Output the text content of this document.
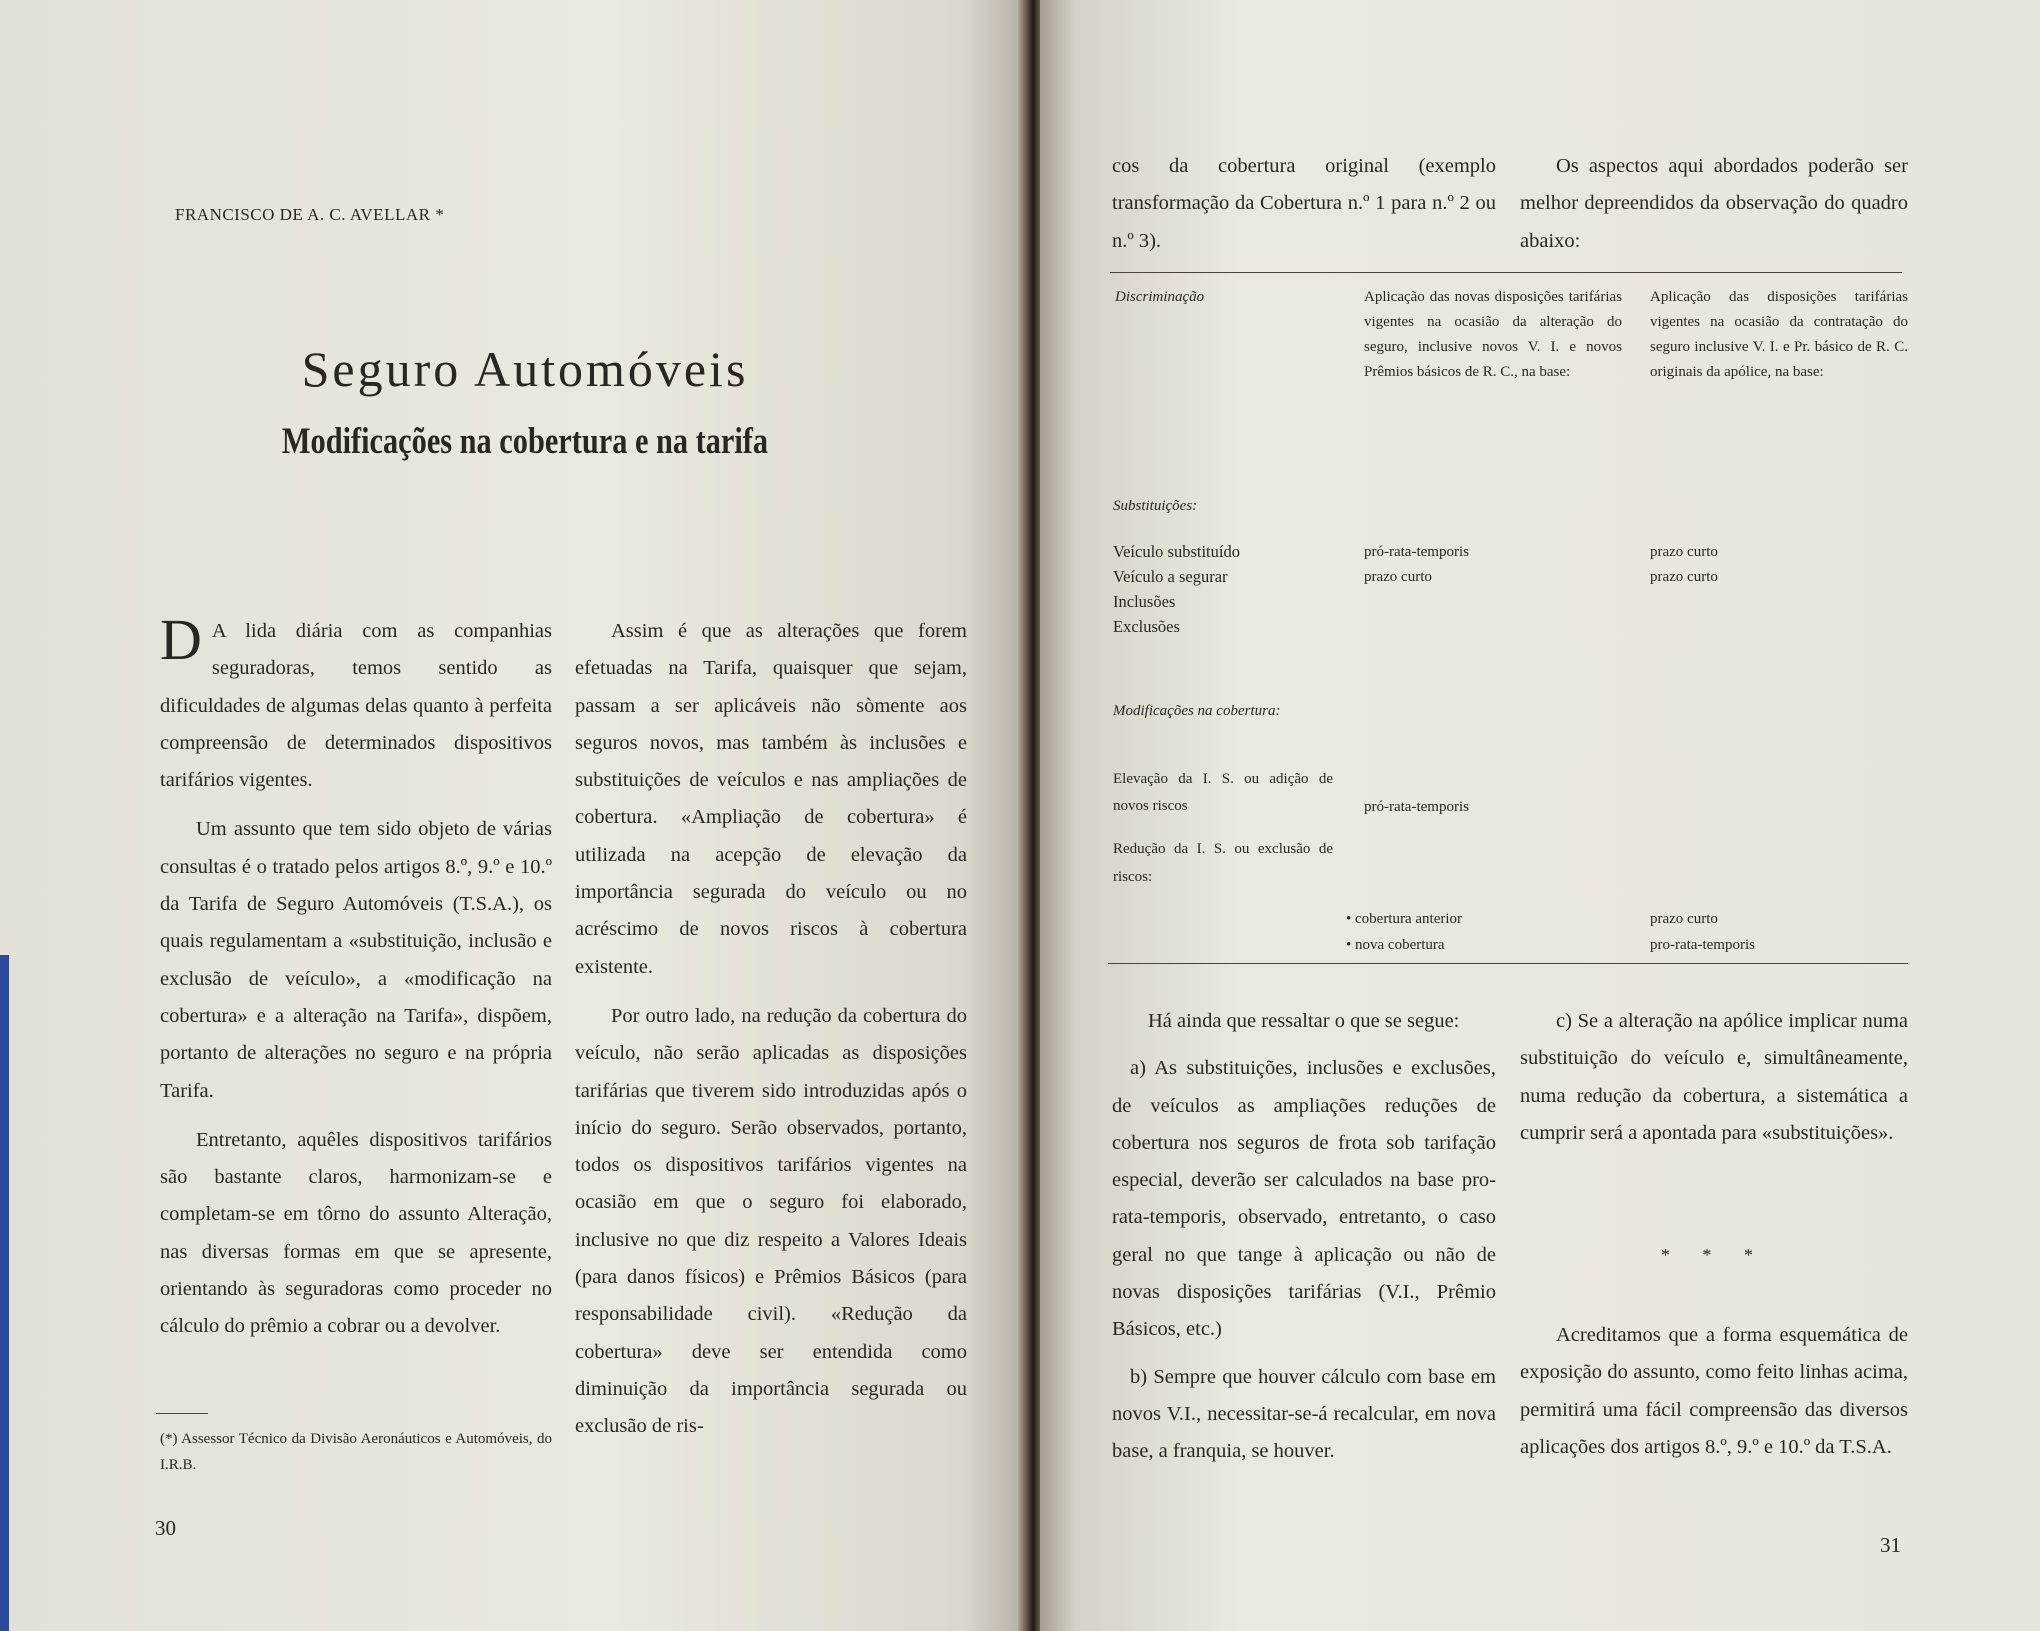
FRANCISCO DE A. C. AVELLAR *
Seguro Automóveis
Modificações na cobertura e na tarifa

D A lida diária com as companhias seguradoras, temos sentido as dificuldades de algumas delas quanto à perfeita compreensão de determinados dispositivos tarifários vigentes.

Um assunto que tem sido objeto de várias consultas é o tratado pelos artigos 8.º, 9.º e 10.º da Tarifa de Seguro Automóveis (T.S.A.), os quais regulamentam a «substituição, inclusão e exclusão de veículo», a «modificação na cobertura» e a alteração na Tarifa», dispõem, portanto de alterações no seguro e na própria Tarifa.

Entretanto, aquêles dispositivos tarifários são bastante claros, harmonizam-se e completam-se em tôrno do assunto Alteração, nas diversas formas em que se apresente, orientando às seguradoras como proceder no cálculo do prêmio a cobrar ou a devolver.

(*) Assessor Técnico da Divisão Aeronáuticos e Automóveis, do I.R.B.

Assim é que as alterações que forem efetuadas na Tarifa, quaisquer que sejam, passam a ser aplicáveis não sòmente aos seguros novos, mas também às inclusões e substituições de veículos e nas ampliações de cobertura. «Ampliação de cobertura» é utilizada na acepção de elevação da importância segurada do veículo ou no acréscimo de novos riscos à cobertura existente.

Por outro lado, na redução da cobertura do veículo, não serão aplicadas as disposições tarifárias que tiverem sido introduzidas após o início do seguro. Serão observados, portanto, todos os dispositivos tarifários vigentes na ocasião em que o seguro foi elaborado, inclusive no que diz respeito a Valores Ideais (para danos físicos) e Prêmios Básicos (para responsabilidade civil). «Redução da cobertura» deve ser entendida como diminuição da importância segurada ou exclusão de ris-

30

cos da cobertura original (exemplo transformação da Cobertura n.º 1 para n.º 2 ou n.º 3).

Os aspectos aqui abordados poderão ser melhor depreendidos da observação do quadro abaixo:

Discriminação	Aplicação das novas disposições tarifárias vigentes na ocasião da alteração do seguro, inclusive novos V. I. e novos Prêmios básicos de R. C., na base:
Aplicação das disposições tarifárias vigentes na ocasião da contratação do seguro inclusive V. I. e Pr. básico de R. C. originais da apólice, na base:
Substituições:
Veículo substituído
Veículo a segurar
Inclusões
Exclusões
pró-rata-temporis
prazo curto
prazo curto
prazo curto
Modificações na cobertura:
Elevação da I. S. ou adição de novos riscos	pró-rata-temporis
Redução da I. S. ou exclusão de riscos:
• cobertura anterior
• nova cobertura
prazo curto
pro-rata-temporis

Há ainda que ressaltar o que se segue:

a) As substituições, inclusões e exclusões, de veículos as ampliações reduções de cobertura nos seguros de frota sob tarifação especial, deverão ser calculados na base pro-rata-temporis, observado, entretanto, o caso geral no que tange à aplicação ou não de novas disposições tarifárias (V.I., Prêmio Básicos, etc.)

b) Sempre que houver cálculo com base em novos V.I., necessitar-se-á recalcular, em nova base, a franquia, se houver.

c) Se a alteração na apólice implicar numa substituição do veículo e, simultâneamente, numa redução da cobertura, a sistemática a cumprir será a apontada para «substituições».

* * *

Acreditamos que a forma esquemática de exposição do assunto, como feito linhas acima, permitirá uma fácil compreensão das diversos aplicações dos artigos 8.º, 9.º e 10.º da T.S.A.

31
